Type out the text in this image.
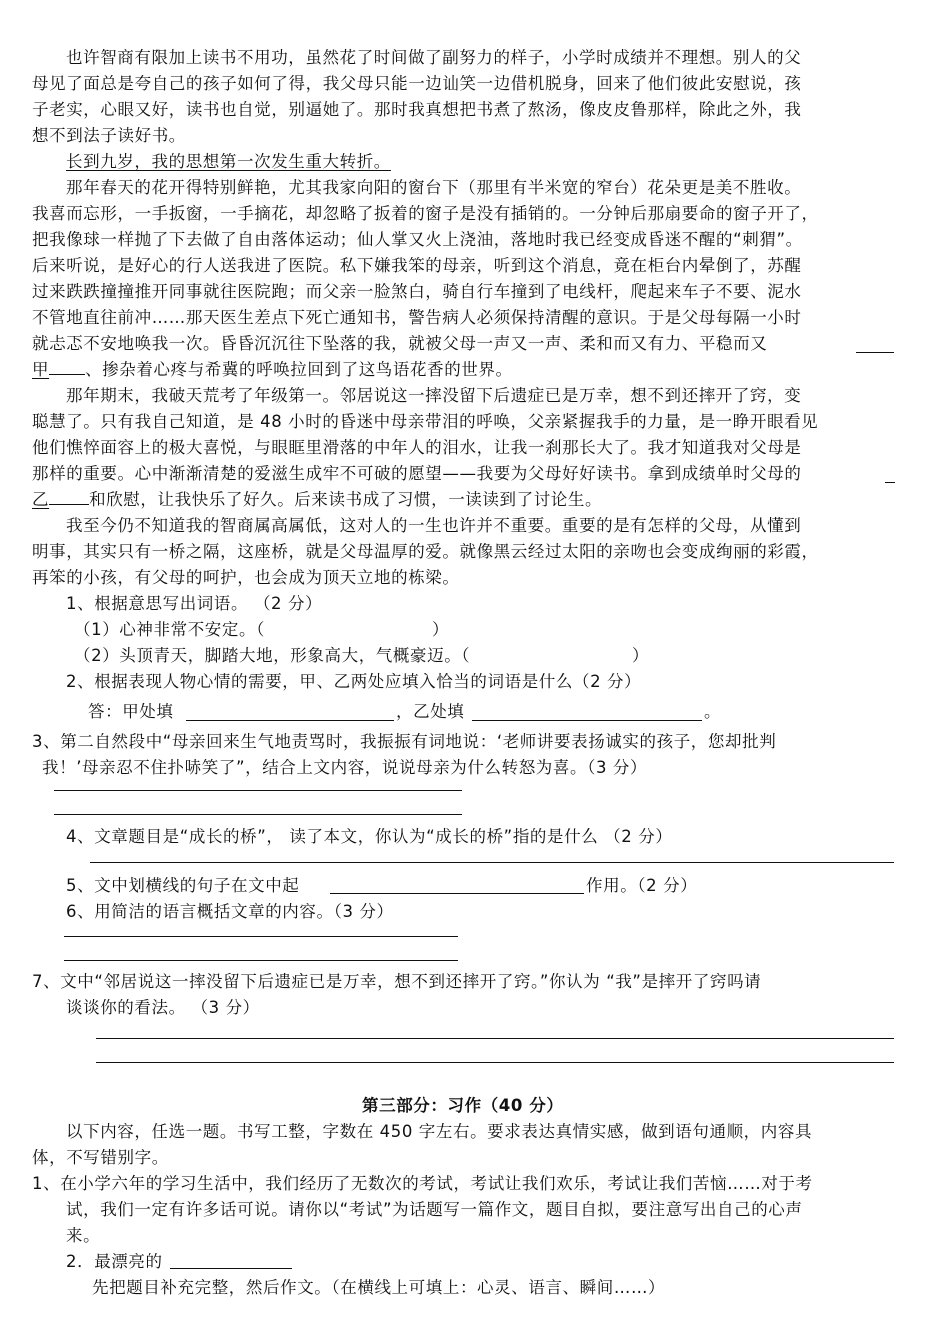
也许智商有限加上读书不用功，虽然花了时间做了副努力的样子，小学时成绩并不理想。别人的父
母见了面总是夸自己的孩子如何了得，我父母只能一边讪笑一边借机脱身，回来了他们彼此安慰说，孩
子老实，心眼又好，读书也自觉，别逼她了。那时我真想把书煮了熬汤，像皮皮鲁那样，除此之外，我
想不到法子读好书。
长到九岁，我的思想第一次发生重大转折。
那年春天的花开得特别鲜艳，尤其我家向阳的窗台下（那里有半米宽的窄台）花朵更是美不胜收。
我喜而忘形，一手扳窗，一手摘花，却忽略了扳着的窗子是没有插销的。一分钟后那扇要命的窗子开了，
把我像球一样抛了下去做了自由落体运动；仙人掌又火上浇油，落地时我已经变成昏迷不醒的“刺猬”。
后来听说，是好心的行人送我进了医院。私下嫌我笨的母亲，听到这个消息，竟在柜台内晕倒了，苏醒
过来跌跌撞撞推开同事就往医院跑；而父亲一脸煞白，骑自行车撞到了电线杆，爬起来车子不要、泥水
不管地直往前冲……那天医生差点下死亡通知书，警告病人必须保持清醒的意识。于是父母每隔一小时
就忐忑不安地唤我一次。昏昏沉沉往下坠落的我，就被父母一声又一声、柔和而又有力、平稳而又
甲 、掺杂着心疼与希冀的呼唤拉回到了这鸟语花香的世界。
那年期末，我破天荒考了年级第一。邻居说这一摔没留下后遗症已是万幸，想不到还摔开了窍，变
聪慧了。只有我自己知道，是 48 小时的昏迷中母亲带泪的呼唤，父亲紧握我手的力量，是一睁开眼看见
他们憔悴面容上的极大喜悦，与眼眶里滑落的中年人的泪水，让我一刹那长大了。我才知道我对父母是
那样的重要。心中渐渐清楚的爱滋生成牢不可破的愿望——我要为父母好好读书。拿到成绩单时父母的
乙 和欣慰，让我快乐了好久。后来读书成了习惯，一读读到了讨论生。
我至今仍不知道我的智商属高属低，这对人的一生也许并不重要。重要的是有怎样的父母，从懂到
明事，其实只有一桥之隔，这座桥，就是父母温厚的爱。就像黑云经过太阳的亲吻也会变成绚丽的彩霞，
再笨的小孩，有父母的呵护，也会成为顶天立地的栋梁。
1、根据意思写出词语。 （2 分）
（1）心神非常不安定。（	）
（2）头顶青天，脚踏大地，形象高大，气概豪迈。（	）
2、根据表现人物心情的需要，甲、乙两处应填入恰当的词语是什么（2 分）
答：甲处填	，乙处填	。
3、第二自然段中“母亲回来生气地责骂时，我振振有词地说：‘老师讲要表扬诚实的孩子，您却批判
我！’母亲忍不住扑哧笑了”，结合上文内容，说说母亲为什么转怒为喜。（3 分）
4、文章题目是“成长的桥”， 读了本文，你认为“成长的桥”指的是什么 （2 分）
5、文中划横线的句子在文中起	作用。（2 分）
6、用简洁的语言概括文章的内容。（3 分）
7、文中“邻居说这一摔没留下后遗症已是万幸，想不到还摔开了窍。”你认为 “我”是摔开了窍吗请
谈谈你的看法。 （3 分）
第三部分：习作（40 分）
以下内容，任选一题。书写工整，字数在 450 字左右。要求表达真情实感，做到语句通顺，内容具
体，不写错别字。
1、在小学六年的学习生活中，我们经历了无数次的考试，考试让我们欢乐，考试让我们苦恼……对于考
试，我们一定有许多话可说。请你以“考试”为话题写一篇作文，题目自拟，要注意写出自己的心声
来。
2．最漂亮的
先把题目补充完整，然后作文。（在横线上可填上：心灵、语言、瞬间……）
